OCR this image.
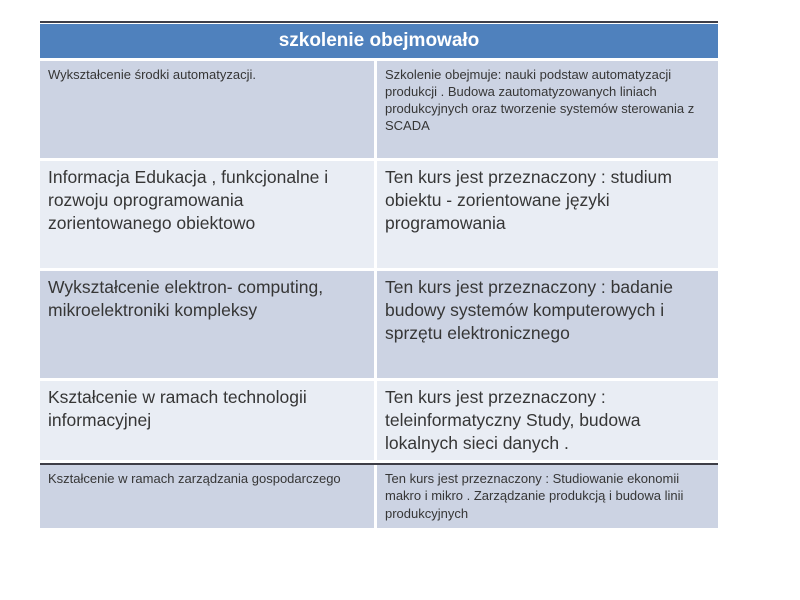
szkolenie obejmowało
Wykształcenie środki automatyzacji.	Szkolenie obejmuje: nauki podstaw automatyzacji produkcji . Budowa zautomatyzowanych liniach produkcyjnych oraz tworzenie systemów sterowania z SCADA
Informacja Edukacja , funkcjonalne i rozwoju oprogramowania zorientowanego obiektowo
Ten kurs jest przeznaczony : studium obiektu - zorientowane języki programowania
Wykształcenie elektron- computing, mikroelektroniki kompleksy
Ten kurs jest przeznaczony : badanie budowy systemów komputerowych i sprzętu elektronicznego
Kształcenie w ramach technologii informacyjnej
Ten kurs jest przeznaczony : teleinformatyczny Study, budowa lokalnych sieci danych .
Kształcenie w ramach zarządzania gospodarczego	Ten kurs jest przeznaczony : Studiowanie ekonomii makro i mikro . Zarządzanie produkcją i budowa linii produkcyjnych
